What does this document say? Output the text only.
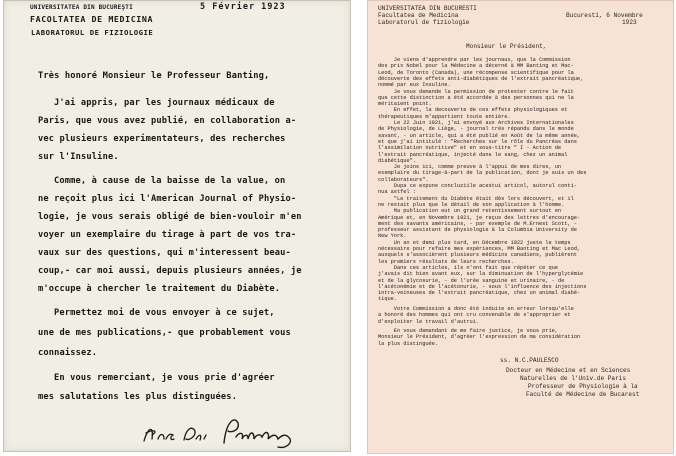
UNIVERSITATEA DIN BUCUREŞTI	5 Février 1923
FACOLTATEA DE MEDICINA
LABORATORUL DE FIZIOLOGIE
Très honoré Monsieur le Professeur Banting,
J'ai appris, par les journaux médicaux de
Paris, que vous avez publié, en collaboration a-
vec plusieurs experimentateurs, des recherches
sur l'Insuline.
Comme, à cause de la baisse de la value, on
ne reçoit plus ici l'American Journal of Physio-
logie, je vous serais obligé de bien-vouloir m'en
voyer un exemplaire du tirage à part de vos tra-
vaux sur des questions, qui m'interessent beau-
coup,- car moi aussi, depuis plusieurs années, je
m'occupe à chercher le traitement du Diabète.
Permettez moi de vous envoyer à ce sujet,
une de mes publications,- que probablement vous
connaissez.
En vous remerciant, je vous prie d'agréer
mes salutations les plus distinguées.
UNIVERSITATEA DIN BUCURESTI
Facultatea de Medicina
Laboratorul de fiziologie
Bucuresti, 6 Novembre
1923
Monsieur le Président,
Je viens d'apprendre par les journaux, que la Commission
des prix Nobel pour la Médecine a décerné à MM Banting et Mac-
Leod, de Toronto (Canada), une récompense scientifique pour la
découverte des effets anti-diabétiques de l'extrait pancréatique,
nommé par eux Insuline.
Je vous demande la permission de protester contre le fait
que cette distinction a été accordée à des personnes qui ne la
méritaient point.
En effet, la decouverte de ces effets physiologiques et
thérapeutiques m'appartient toute entière.
Le 22 Juin 1921, j'ai envoyé aux Archives Internationales
de Physiologie, de Liège, - journal très répandu dans le monde
savant, - un article, qui a été publié en Août de la même année,
et que j'ai intitulé : "Recherches sur le rôle du Pancréas dans
l'assimilation nutritive" et en sous-titre " I - Action de
l'extrait pancréatique, injecté dans le sang, chez un animal
diabétique".
Je joins ici, comme preuve à l'appui de mes dires, un
exemplaire du tirage-à-part de la publication, dont je suis un des
collaborateurs".
Dupa ce expune concluziile acestui articol, autorul conti-
nua astfel :
"Le traitement du Diabète était dès lors découvert, et il
ne restait plus que le détail de son application à l'homme.
Ma publication eut un grand retentissement surtout en
Amérique et, en Novembre 1921, je reçus des lettres d'encourage-
ment des savants américains, - par exemple de M.Ernest Scott, -
professeur assistant de physiologie à la Columbia University de
New York.
Un an et demi plus tard, en Décembre 1922 juste le temps
nécessaire pour refaire mes expériences, MM Banting et Mac Leod,
auxquels s'associèrent plusieurs médicins canadiens, publièrent
les premiers résultats de leurs recherches.
Dans ces articles, ils n'ont fait que répéter ce que
j'avais dit bien avant eux, sur la diminuation de l'hyperglycémie
et de la glycosurie, - de l'urée sanguine et urinaire, - de
l'acétonémie et de l'acétonurie, - sous l'influence des injections
intra-veineuses de l'extrait pancréatique, chez un animal diabé-
tique.
Votre Commission a donc été induite en erreur lorsqu'elle
a honoré des hommes qui ont cru convenable de s'approprier et
d'exploiter le travail d'autrui.
En vous demandant de me faire justice, je vous prie,
Monsieur le Président, d'agréer l'expression de ma considération
la plus distinguée.
ss. N.C.PAULESCO
Docteur en Médecine et en Sciences
Naturelles de l'Univ.de Paris
Professeur de Physiologie à la
Faculté de Médecine de Bucarest
